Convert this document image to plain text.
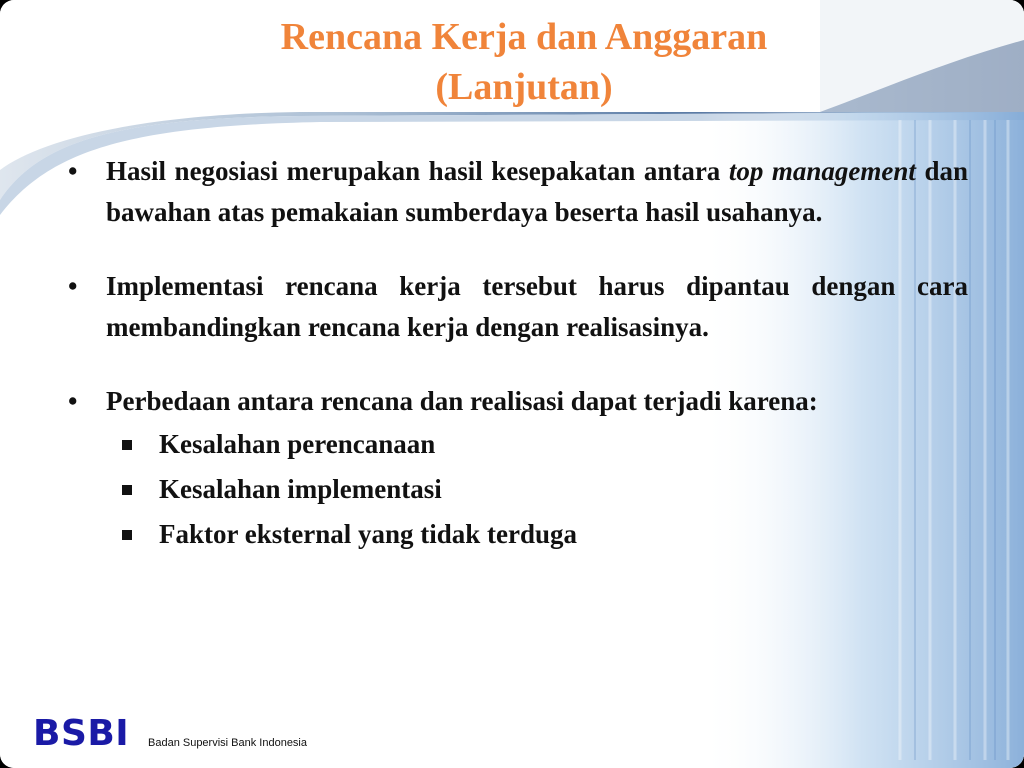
Rencana Kerja dan Anggaran
(Lanjutan)
• Hasil negosiasi merupakan hasil kesepakatan antara top management dan bawahan atas pemakaian sumberdaya beserta hasil usahanya.
• Implementasi rencana kerja tersebut harus dipantau dengan cara membandingkan rencana kerja dengan realisasinya.
• Perbedaan antara rencana dan realisasi dapat terjadi karena:
Kesalahan perencanaan
Kesalahan implementasi
Faktor eksternal yang tidak terduga
BSBI Badan Supervisi Bank Indonesia
